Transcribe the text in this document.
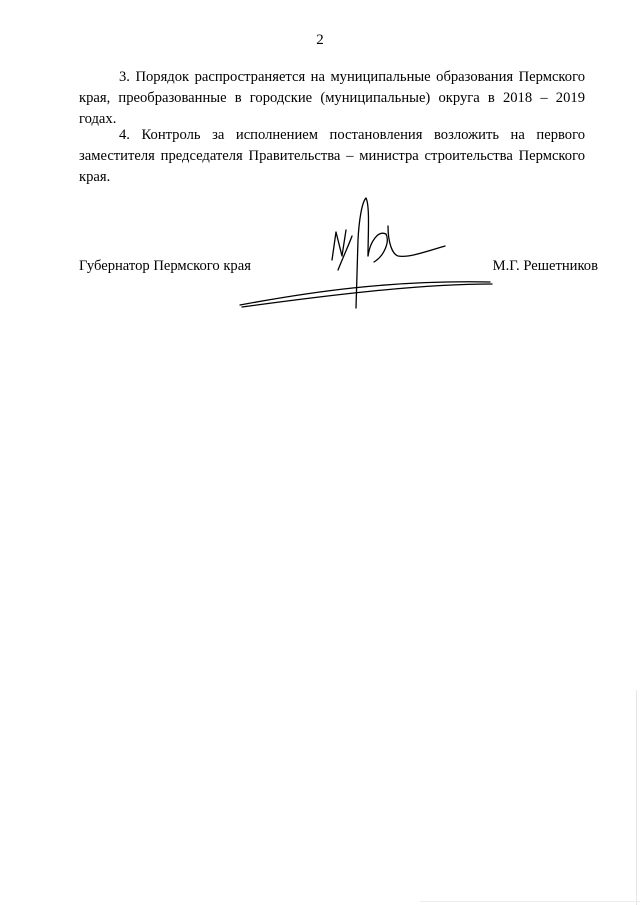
2
3. Порядок распространяется на муниципальные образования Пермского края, преобразованные в городские (муниципальные) округа в 2018 – 2019 годах.
4. Контроль за исполнением постановления возложить на первого заместителя председателя Правительства – министра строительства Пермского края.
Губернатор Пермского края	М.Г. Решетников
